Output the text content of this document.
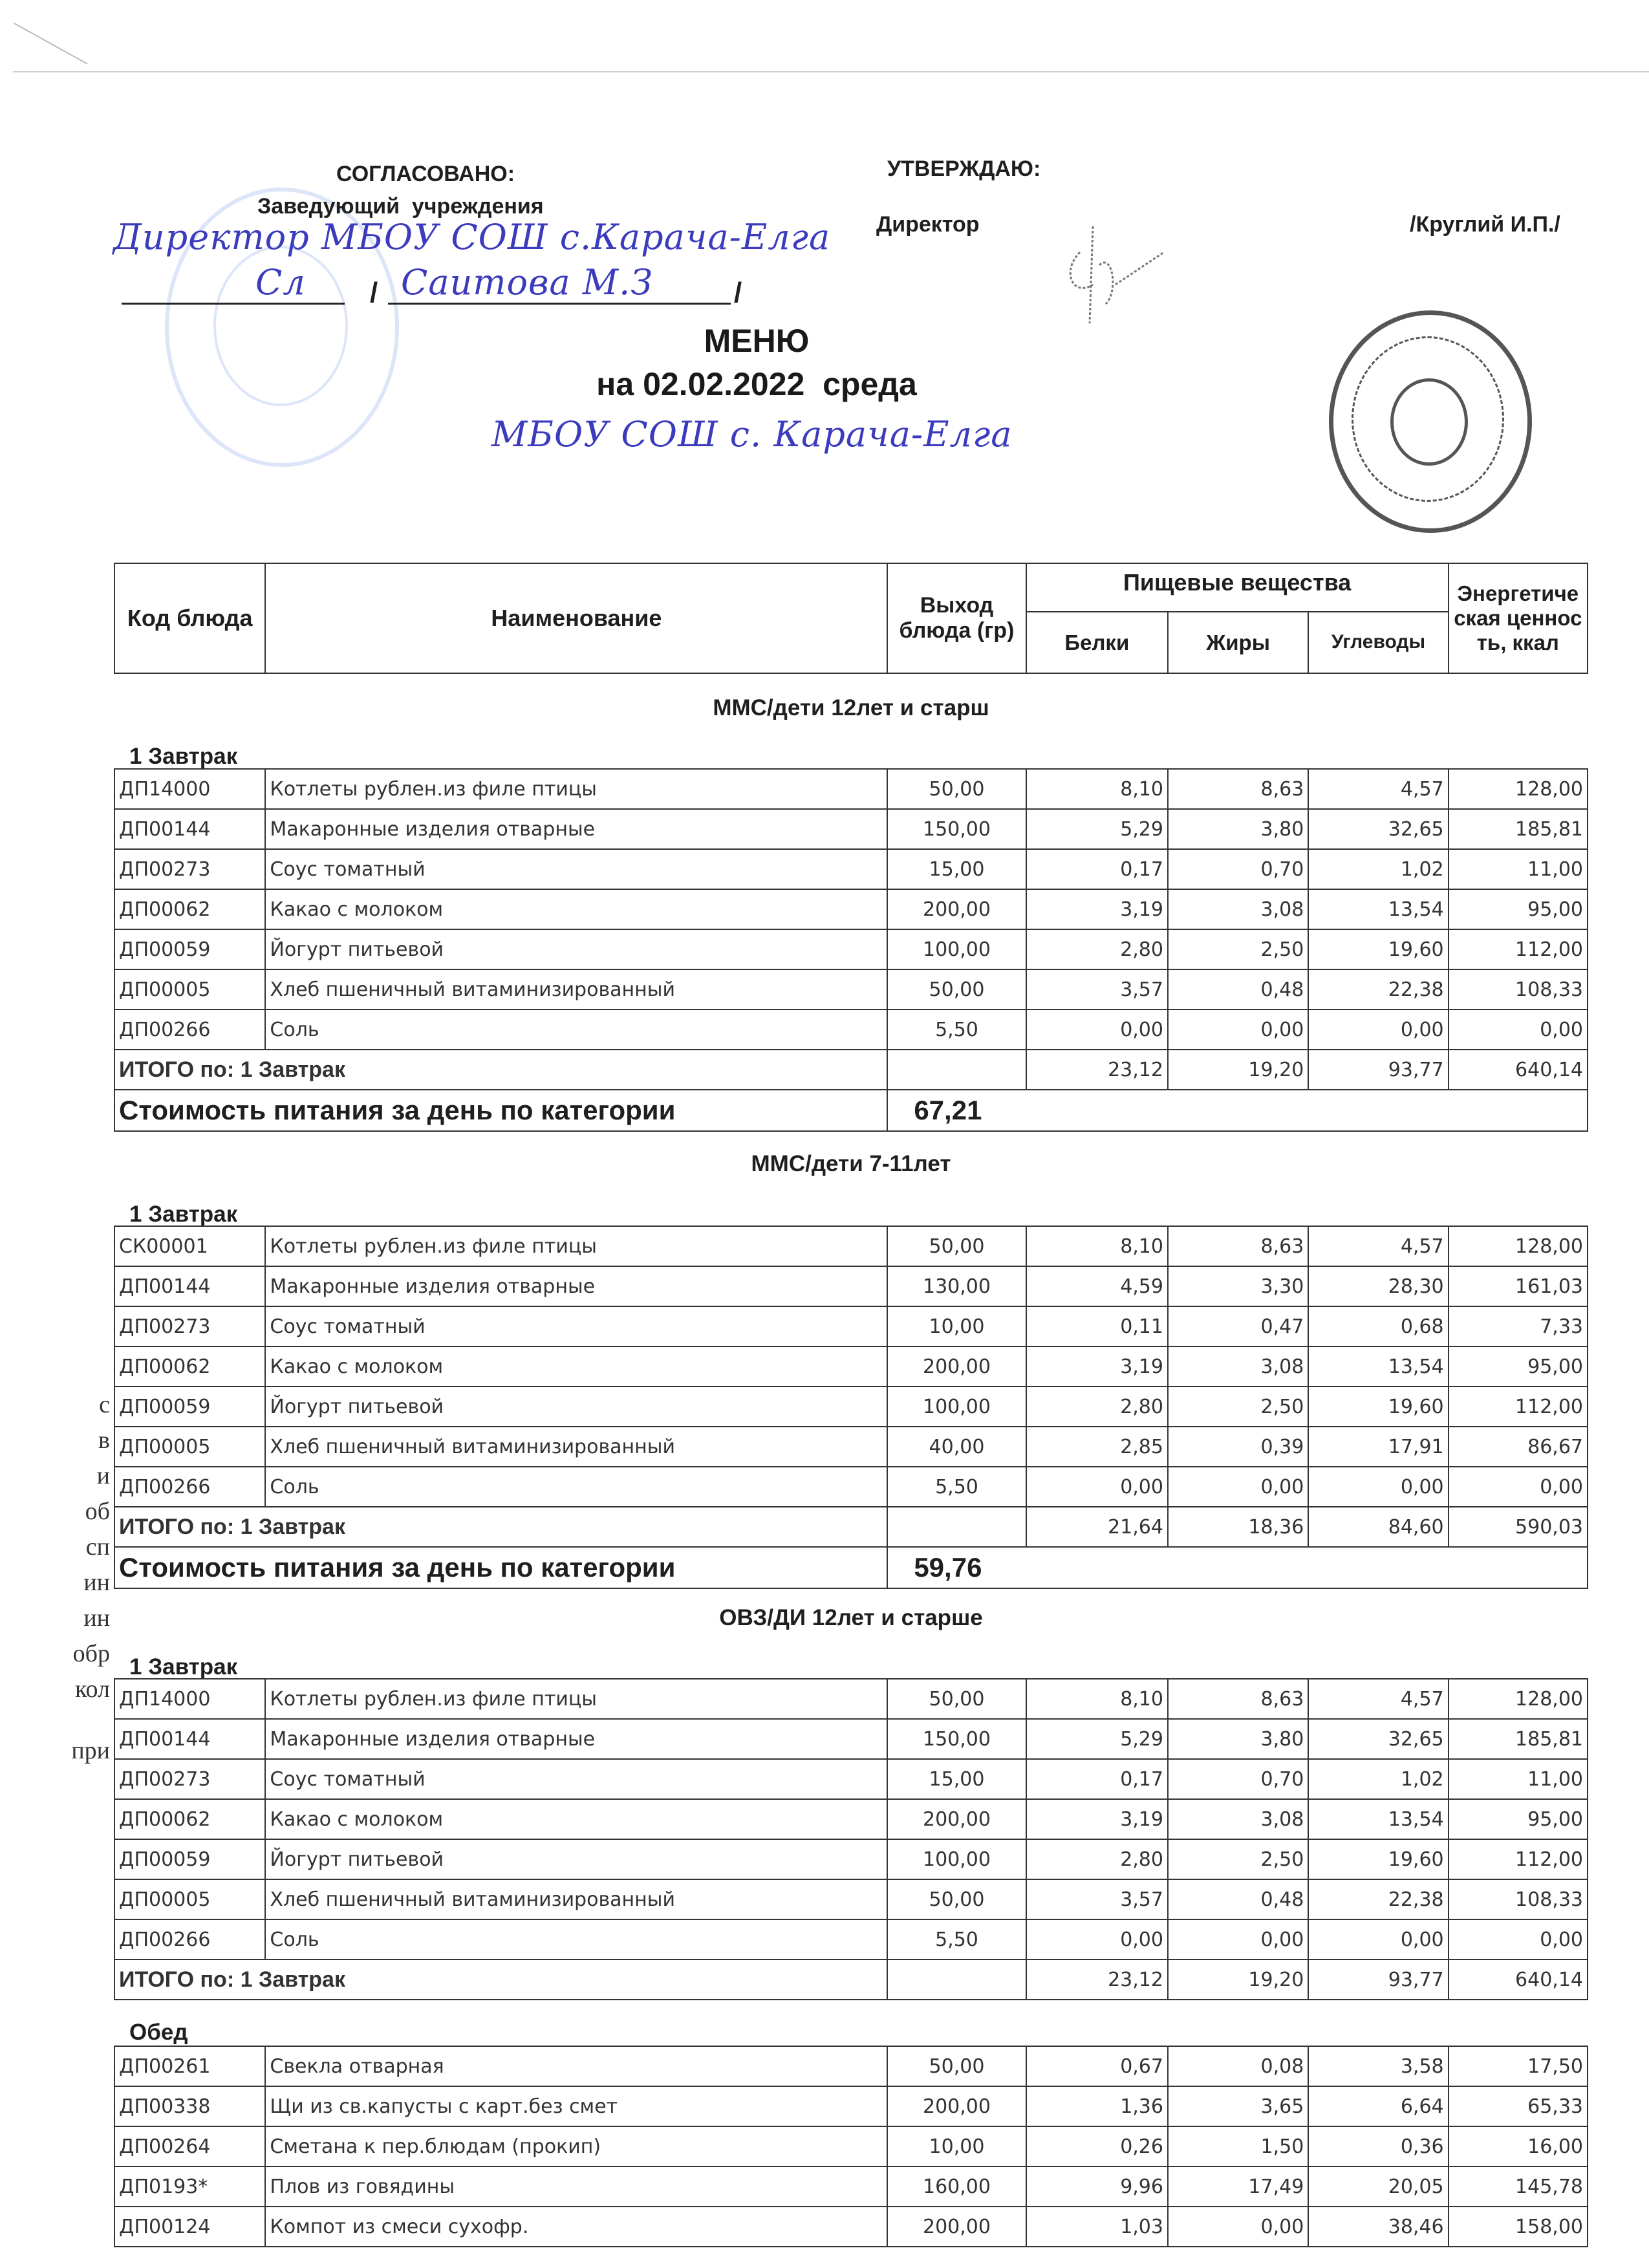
СОГЛАСОВАНО:
Заведующий  учреждения
Директор МБОУ СОШ с.Карача-Елга
Сл / Саитова М.З	/
УТВЕРЖДАЮ:
Директор	/Круглий И.П./
МЕНЮ
на 02.02.2022  среда
МБОУ СОШ с. Карача-Елга
Код блюда	Наименование	Выход блюда (гр)	Пищевые вещества			Энергетическая ценность, ккал
			Белки	Жиры	Углеводы	
ММС/дети 12лет и старш
1 Завтрак
ДП14000	Котлеты рублен.из филе птицы	50,00	8,10	8,63	4,57	128,00
ДП00144	Макаронные изделия отварные	150,00	5,29	3,80	32,65	185,81
ДП00273	Соус томатный	15,00	0,17	0,70	1,02	11,00
ДП00062	Какао с молоком	200,00	3,19	3,08	13,54	95,00
ДП00059	Йогурт питьевой	100,00	2,80	2,50	19,60	112,00
ДП00005	Хлеб пшеничный витаминизированный	50,00	3,57	0,48	22,38	108,33
ДП00266	Соль	5,50	0,00	0,00	0,00	0,00
ИТОГО по: 1 Завтрак			23,12	19,20	93,77	640,14
Стоимость питания за день по категории		67,21				
ММС/дети 7-11лет
1 Завтрак
СК00001	Котлеты рублен.из филе птицы	50,00	8,10	8,63	4,57	128,00
ДП00144	Макаронные изделия отварные	130,00	4,59	3,30	28,30	161,03
ДП00273	Соус томатный	10,00	0,11	0,47	0,68	7,33
ДП00062	Какао с молоком	200,00	3,19	3,08	13,54	95,00
ДП00059	Йогурт питьевой	100,00	2,80	2,50	19,60	112,00
ДП00005	Хлеб пшеничный витаминизированный	40,00	2,85	0,39	17,91	86,67
ДП00266	Соль	5,50	0,00	0,00	0,00	0,00
ИТОГО по: 1 Завтрак			21,64	18,36	84,60	590,03
Стоимость питания за день по категории		59,76				
ОВЗ/ДИ 12лет и старше
1 Завтрак
ДП14000	Котлеты рублен.из филе птицы	50,00	8,10	8,63	4,57	128,00
ДП00144	Макаронные изделия отварные	150,00	5,29	3,80	32,65	185,81
ДП00273	Соус томатный	15,00	0,17	0,70	1,02	11,00
ДП00062	Какао с молоком	200,00	3,19	3,08	13,54	95,00
ДП00059	Йогурт питьевой	100,00	2,80	2,50	19,60	112,00
ДП00005	Хлеб пшеничный витаминизированный	50,00	3,57	0,48	22,38	108,33
ДП00266	Соль	5,50	0,00	0,00	0,00	0,00
ИТОГО по: 1 Завтрак			23,12	19,20	93,77	640,14
Обед
ДП00261	Свекла отварная	50,00	0,67	0,08	3,58	17,50
ДП00338	Щи из св.капусты с карт.без смет	200,00	1,36	3,65	6,64	65,33
ДП00264	Сметана к пер.блюдам (прокип)	10,00	0,26	1,50	0,36	16,00
ДП0193*	Плов из говядины	160,00	9,96	17,49	20,05	145,78
ДП00124	Компот из смеси сухофр.	200,00	1,03	0,00	38,46	158,00
с
в
и
об
сп
ин
ин
обр
кол
при
